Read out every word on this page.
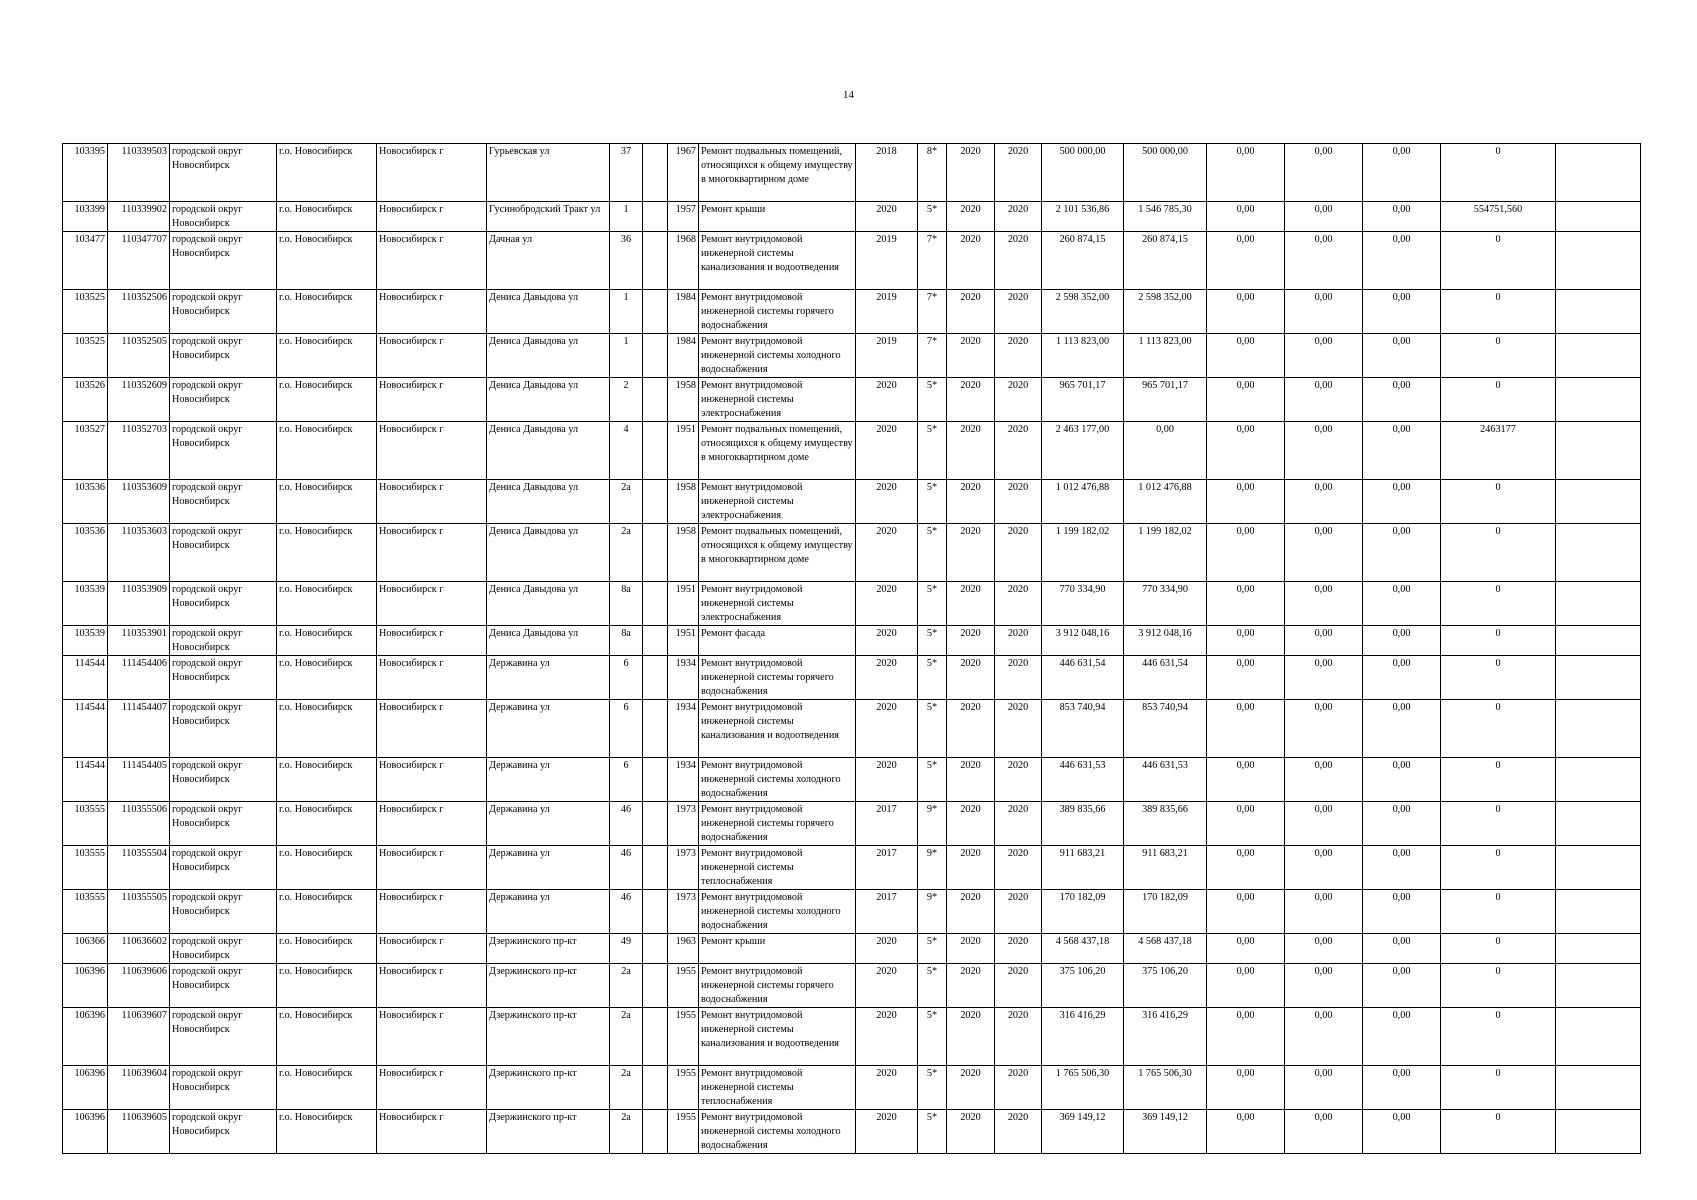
14
103395	110339503	городской округ Новосибирск	г.о. Новосибирск	Новосибирск г	Гурьевская ул	37		1967	Ремонт подвальных помещений, относящихся к общему имуществу в многоквартирном доме	2018	8*	2020	2020	500 000,00	500 000,00	0,00	0,00	0,00	0	
103399	110339902	городской округ Новосибирск	г.о. Новосибирск	Новосибирск г	Гусинобродский Тракт ул	1		1957	Ремонт крыши	2020	5*	2020	2020	2 101 536,86	1 546 785,30	0,00	0,00	0,00	554751,560	
103477	110347707	городской округ Новосибирск	г.о. Новосибирск	Новосибирск г	Дачная ул	36		1968	Ремонт внутридомовой инженерной системы канализования и водоотведения	2019	7*	2020	2020	260 874,15	260 874,15	0,00	0,00	0,00	0	
103525	110352506	городской округ Новосибирск	г.о. Новосибирск	Новосибирск г	Дениса Давыдова ул	1		1984	Ремонт внутридомовой инженерной системы горячего водоснабжения	2019	7*	2020	2020	2 598 352,00	2 598 352,00	0,00	0,00	0,00	0	
103525	110352505	городской округ Новосибирск	г.о. Новосибирск	Новосибирск г	Дениса Давыдова ул	1		1984	Ремонт внутридомовой инженерной системы холодного водоснабжения	2019	7*	2020	2020	1 113 823,00	1 113 823,00	0,00	0,00	0,00	0	
103526	110352609	городской округ Новосибирск	г.о. Новосибирск	Новосибирск г	Дениса Давыдова ул	2		1958	Ремонт внутридомовой инженерной системы электроснабжения	2020	5*	2020	2020	965 701,17	965 701,17	0,00	0,00	0,00	0	
103527	110352703	городской округ Новосибирск	г.о. Новосибирск	Новосибирск г	Дениса Давыдова ул	4		1951	Ремонт подвальных помещений, относящихся к общему имуществу в многоквартирном доме	2020	5*	2020	2020	2 463 177,00	0,00	0,00	0,00	0,00	2463177	
103536	110353609	городской округ Новосибирск	г.о. Новосибирск	Новосибирск г	Дениса Давыдова ул	2а		1958	Ремонт внутридомовой инженерной системы электроснабжения	2020	5*	2020	2020	1 012 476,88	1 012 476,88	0,00	0,00	0,00	0	
103536	110353603	городской округ Новосибирск	г.о. Новосибирск	Новосибирск г	Дениса Давыдова ул	2а		1958	Ремонт подвальных помещений, относящихся к общему имуществу в многоквартирном доме	2020	5*	2020	2020	1 199 182,02	1 199 182,02	0,00	0,00	0,00	0	
103539	110353909	городской округ Новосибирск	г.о. Новосибирск	Новосибирск г	Дениса Давыдова ул	8а		1951	Ремонт внутридомовой инженерной системы электроснабжения	2020	5*	2020	2020	770 334,90	770 334,90	0,00	0,00	0,00	0	
103539	110353901	городской округ Новосибирск	г.о. Новосибирск	Новосибирск г	Дениса Давыдова ул	8а		1951	Ремонт фасада	2020	5*	2020	2020	3 912 048,16	3 912 048,16	0,00	0,00	0,00	0	
114544	111454406	городской округ Новосибирск	г.о. Новосибирск	Новосибирск г	Державина ул	6		1934	Ремонт внутридомовой инженерной системы горячего водоснабжения	2020	5*	2020	2020	446 631,54	446 631,54	0,00	0,00	0,00	0	
114544	111454407	городской округ Новосибирск	г.о. Новосибирск	Новосибирск г	Державина ул	6		1934	Ремонт внутридомовой инженерной системы канализования и водоотведения	2020	5*	2020	2020	853 740,94	853 740,94	0,00	0,00	0,00	0	
114544	111454405	городской округ Новосибирск	г.о. Новосибирск	Новосибирск г	Державина ул	6		1934	Ремонт внутридомовой инженерной системы холодного водоснабжения	2020	5*	2020	2020	446 631,53	446 631,53	0,00	0,00	0,00	0	
103555	110355506	городской округ Новосибирск	г.о. Новосибирск	Новосибирск г	Державина ул	46		1973	Ремонт внутридомовой инженерной системы горячего водоснабжения	2017	9*	2020	2020	389 835,66	389 835,66	0,00	0,00	0,00	0	
103555	110355504	городской округ Новосибирск	г.о. Новосибирск	Новосибирск г	Державина ул	46		1973	Ремонт внутридомовой инженерной системы теплоснабжения	2017	9*	2020	2020	911 683,21	911 683,21	0,00	0,00	0,00	0	
103555	110355505	городской округ Новосибирск	г.о. Новосибирск	Новосибирск г	Державина ул	46		1973	Ремонт внутридомовой инженерной системы холодного водоснабжения	2017	9*	2020	2020	170 182,09	170 182,09	0,00	0,00	0,00	0	
106366	110636602	городской округ Новосибирск	г.о. Новосибирск	Новосибирск г	Дзержинского пр-кт	49		1963	Ремонт крыши	2020	5*	2020	2020	4 568 437,18	4 568 437,18	0,00	0,00	0,00	0	
106396	110639606	городской округ Новосибирск	г.о. Новосибирск	Новосибирск г	Дзержинского пр-кт	2а		1955	Ремонт внутридомовой инженерной системы горячего водоснабжения	2020	5*	2020	2020	375 106,20	375 106,20	0,00	0,00	0,00	0	
106396	110639607	городской округ Новосибирск	г.о. Новосибирск	Новосибирск г	Дзержинского пр-кт	2а		1955	Ремонт внутридомовой инженерной системы канализования и водоотведения	2020	5*	2020	2020	316 416,29	316 416,29	0,00	0,00	0,00	0	
106396	110639604	городской округ Новосибирск	г.о. Новосибирск	Новосибирск г	Дзержинского пр-кт	2а		1955	Ремонт внутридомовой инженерной системы теплоснабжения	2020	5*	2020	2020	1 765 506,30	1 765 506,30	0,00	0,00	0,00	0	
106396	110639605	городской округ Новосибирск	г.о. Новосибирск	Новосибирск г	Дзержинского пр-кт	2а		1955	Ремонт внутридомовой инженерной системы холодного водоснабжения	2020	5*	2020	2020	369 149,12	369 149,12	0,00	0,00	0,00	0	
